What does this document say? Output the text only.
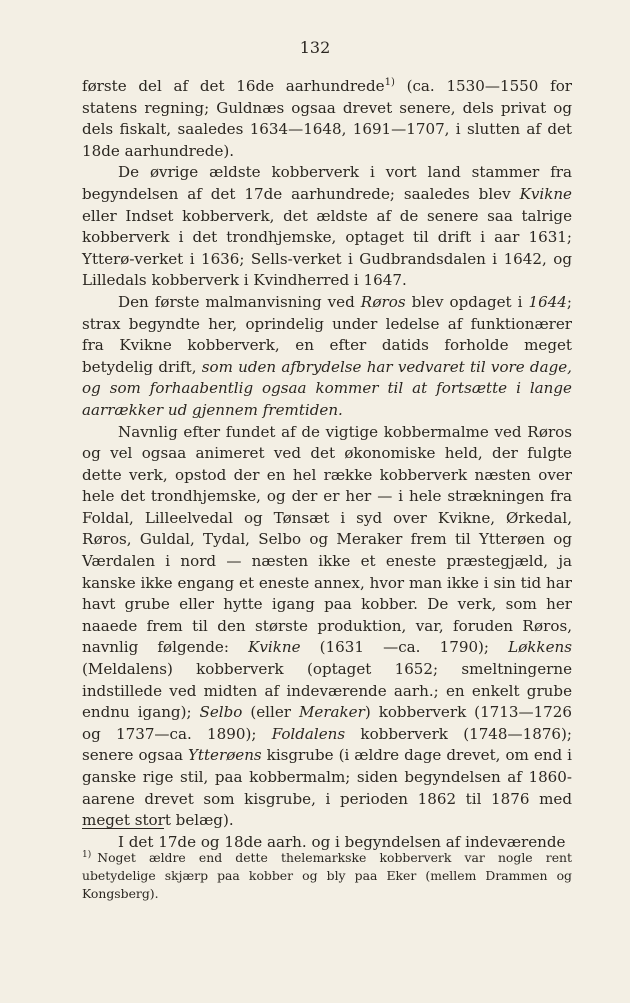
132

første del af det 16de aarhundrede$^{1)}$ (ca. 1530—1550 for statens regning; Guldnæs ogsaa drevet senere, dels privat og dels fiskalt, saaledes 1634—1648, 1691—1707, i slutten af det 18de aarhundrede).

De øvrige ældste kobberverk i vort land stammer fra begyndelsen af det 17de aarhundrede; saaledes blev Kvikne eller Indset kobberverk, det ældste af de senere saa talrige kobberverk i det trondhjemske, optaget til drift i aar 1631; Ytterø-verket i 1636; Sells-verket i Gudbrandsdalen i 1642, og Lilledals kobberverk i Kvindherred i 1647.

Den første malmanvisning ved Røros blev opdaget i 1644; strax begyndte her, oprindelig under ledelse af funktionærer fra Kvikne kobberverk, en efter datids forholde meget betydelig drift, som uden afbrydelse har vedvaret til vore dage, og som forhaabentlig ogsaa kommer til at fortsætte i lange aarrækker ud gjennem fremtiden.

Navnlig efter fundet af de vigtige kobbermalme ved Røros og vel ogsaa animeret ved det økonomiske held, der fulgte dette verk, opstod der en hel række kobberverk næsten over hele det trondhjemske, og der er her — i hele strækningen fra Foldal, Lilleelvedal og Tønsæt i syd over Kvikne, Ørkedal, Røros, Guldal, Tydal, Selbo og Meraker frem til Ytterøen og Værdalen i nord — næsten ikke et eneste præstegjæld, ja kanske ikke engang et eneste annex, hvor man ikke i sin tid har havt grube eller hytte igang paa kobber. De verk, som her naaede frem til den største produktion, var, foruden Røros, navnlig følgende: Kvikne (1631 —ca. 1790); Løkkens (Meldalens) kobberverk (optaget 1652; smeltningerne indstillede ved midten af indeværende aarh.; en enkelt grube endnu igang); Selbo (eller Meraker) kobberverk (1713—1726 og 1737—ca. 1890); Foldalens kobberverk (1748—1876); senere ogsaa Ytterøens kisgrube (i ældre dage drevet, om end i ganske rige stil, paa kobbermalm; siden begyndelsen af 1860-aarene drevet som kisgrube, i perioden 1862 til 1876 med meget stort belæg).

I det 17de og 18de aarh. og i begyndelsen af indeværende

$^{1)}$ Noget ældre end dette thelemarkske kobberverk var nogle rent ubetydelige skjærp paa kobber og bly paa Eker (mellem Drammen og Kongsberg).
